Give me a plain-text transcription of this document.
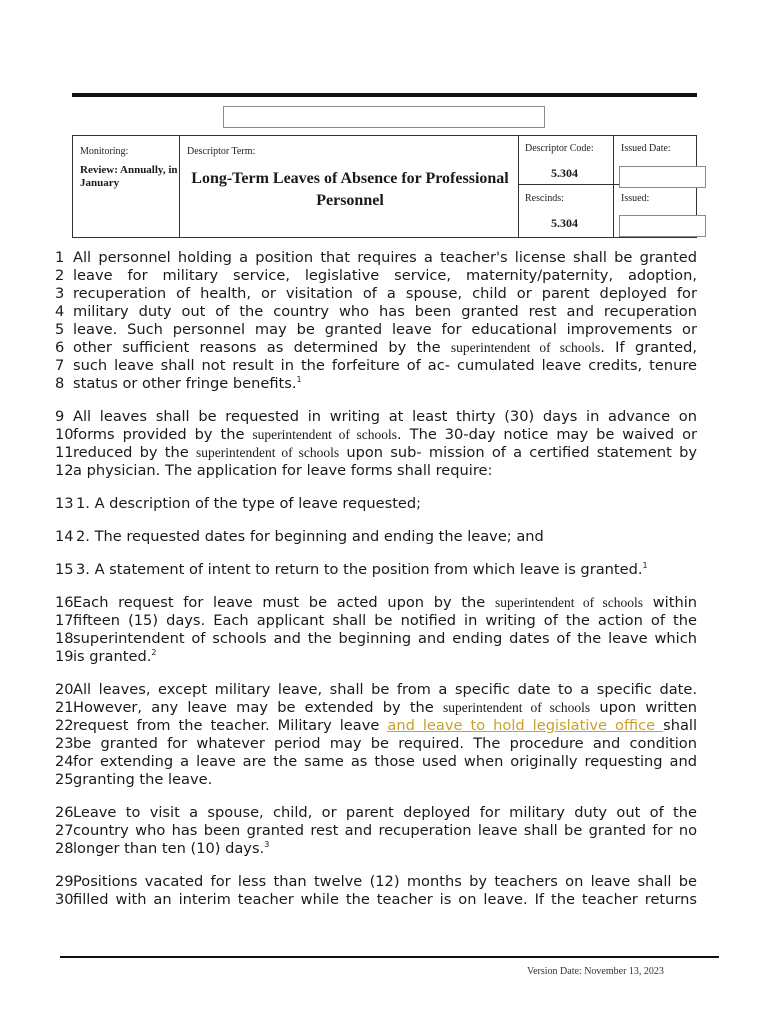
Monitoring:
Review: Annually, in January
Descriptor Term:
Long-Term Leaves of Absence for Professional Personnel
Descriptor Code:
5.304
Issued Date:
Rescinds:
5.304
Issued:
1 All personnel holding a position that requires a teacher's license shall be granted
2 leave for military service, legislative service, maternity/paternity, adoption,
3 recuperation of health, or visitation of a spouse, child or parent deployed for
4 military duty out of the country who has been granted rest and recuperation
5 leave. Such personnel may be granted leave for educational improvements or
6 other sufficient reasons as determined by the superintendent of schools. If granted,
7 such leave shall not result in the forfeiture of ac- cumulated leave credits, tenure
8 status or other fringe benefits.$^1$
9 All leaves shall be requested in writing at least thirty (30) days in advance on
10 forms provided by the superintendent of schools. The 30-day notice may be waived or
11 reduced by the superintendent of schools upon sub- mission of a certified statement by
12 a physician. The application for leave forms shall require:
13 1. A description of the type of leave requested;
14 2. The requested dates for beginning and ending the leave; and
15 3. A statement of intent to return to the position from which leave is granted.$^1$
16 Each request for leave must be acted upon by the superintendent of schools within
17 fifteen (15) days. Each applicant shall be notified in writing of the action of the
18 superintendent of schools and the beginning and ending dates of the leave which
19 is granted.$^2$
20 All leaves, except military leave, shall be from a specific date to a specific date.
21 However, any leave may be extended by the superintendent of schools upon written
22 request from the teacher. Military leave and leave to hold legislative office shall
23 be granted for whatever period may be required. The procedure and condition
24 for extending a leave are the same as those used when originally requesting and
25 granting the leave.
26 Leave to visit a spouse, child, or parent deployed for military duty out of the
27 country who has been granted rest and recuperation leave shall be granted for no
28 longer than ten (10) days.$^3$
29 Positions vacated for less than twelve (12) months by teachers on leave shall be
30 filled with an interim teacher while the teacher is on leave. If the teacher returns
Version Date: November 13, 2023
